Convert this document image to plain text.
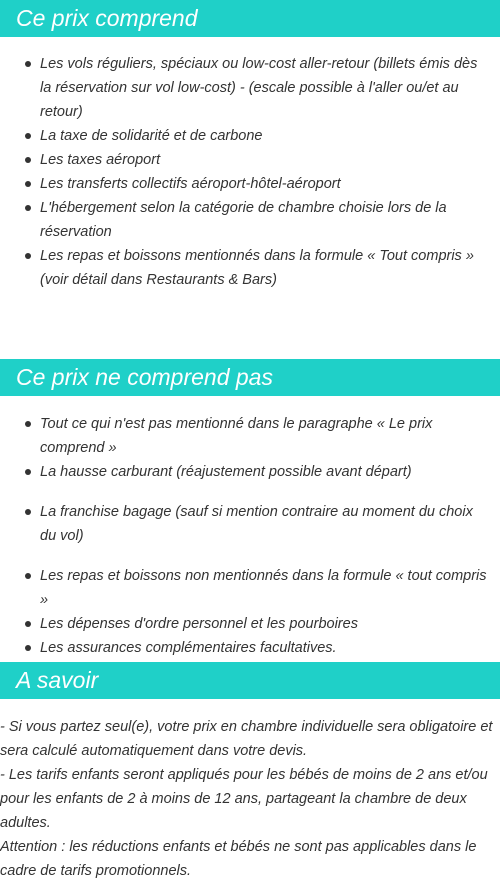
Ce prix comprend
Les vols réguliers, spéciaux ou low-cost aller-retour (billets émis dès la réservation sur vol low-cost) - (escale possible à l'aller ou/et au retour)
La taxe de solidarité et de carbone
Les taxes aéroport
Les transferts collectifs aéroport-hôtel-aéroport
L'hébergement selon la catégorie de chambre choisie lors de la réservation
Les repas et boissons mentionnés dans la formule « Tout compris » (voir détail dans Restaurants & Bars)
Ce prix ne comprend pas
Tout ce qui n'est pas mentionné dans le paragraphe « Le prix comprend »
La hausse carburant (réajustement possible avant départ)
La franchise bagage (sauf si mention contraire au moment du choix du vol)
Les repas et boissons non mentionnés dans la formule « tout compris »
Les dépenses d'ordre personnel et les pourboires
Les assurances complémentaires facultatives.
A savoir
- Si vous partez seul(e), votre prix en chambre individuelle sera obligatoire et sera calculé automatiquement dans votre devis.
- Les tarifs enfants seront appliqués pour les bébés de moins de 2 ans et/ou pour les enfants de 2 à moins de 12 ans, partageant la chambre de deux adultes.
Attention : les réductions enfants et bébés ne sont pas applicables dans le cadre de tarifs promotionnels.
